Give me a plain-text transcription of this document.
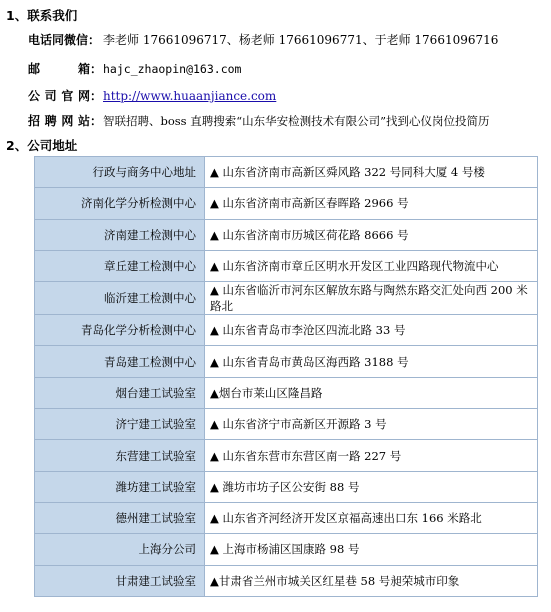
1、联系我们
电话同微信： 李老师 17661096717、杨老师 17661096771、于老师 17661096716
邮箱：hajc_zhaopin@163.com
公司官网：http://www.huaanjiance.com
招聘网站：智联招聘、boss 直聘搜索“山东华安检测技术有限公司”找到心仪岗位投简历
2、公司地址
行政与商务中心地址	▲ 山东省济南市高新区舜风路 322 号同科大厦 4 号楼
济南化学分析检测中心	▲ 山东省济南市高新区春晖路 2966 号
济南建工检测中心	▲ 山东省济南市历城区荷花路 8666 号
章丘建工检测中心	▲ 山东省济南市章丘区明水开发区工业四路现代物流中心
临沂建工检测中心	▲ 山东省临沂市河东区解放东路与陶然东路交汇处向西 200 米路北
青岛化学分析检测中心	▲ 山东省青岛市李沧区四流北路 33 号
青岛建工检测中心	▲ 山东省青岛市黄岛区海西路 3188 号
烟台建工试验室	▲烟台市莱山区隆昌路
济宁建工试验室	▲ 山东省济宁市高新区开源路 3 号
东营建工试验室	▲ 山东省东营市东营区南一路 227 号
潍坊建工试验室	▲ 潍坊市坊子区公安街 88 号
德州建工试验室	▲ 山东省齐河经济开发区京福高速出口东 166 米路北
上海分公司	▲ 上海市杨浦区国康路 98 号
甘肃建工试验室	▲甘肃省兰州市城关区红星巷 58 号昶荣城市印象
